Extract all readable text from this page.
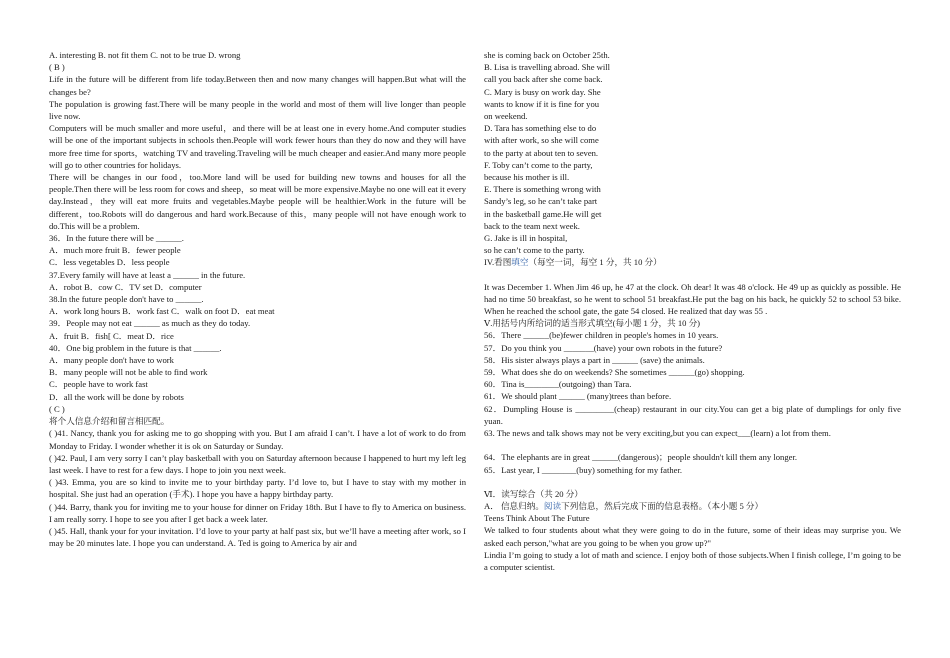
A. interesting B. not fit them C. not to be true D. wrong

( B )

Life in the future will be different from life today.Between then and now many changes will happen.But what will the changes be?

The population is growing fast.There will be many people in the world and most of them will live longer than people live now.

Computers will be much smaller and more useful，and there will be at least one in every home.And computer studies will be one of the important subjects in schools then.People will work fewer hours than they do now and they will have more free time for sports，watching TV and traveling.Traveling will be much cheaper and easier.And many more people will go to other countries for holidays.

There will be changes in our food，too.More land will be used for building new towns and houses for all the people.Then there will be less room for cows and sheep，so meat will be more expensive.Maybe no one will eat it every day.Instead，they will eat more fruits and vegetables.Maybe people will be healthier.Work in the future will be different，too.Robots will do dangerous and hard work.Because of this，many people will not have enough work to do.This will be a problem.

36．In the future there will be ______.

A．much more fruit B．fewer people

C．less vegetables D．less people

37.Every family will have at least a ______ in the future.

A．robot B．cow C．TV set D．computer

38.In the future people don't have to ______.

A．work long hours B．work fast C．walk on foot D．eat meat

39．People may not eat ______ as much as they do today.

A．fruit B．fish[ C．meat D．rice

40．One big problem in the future is that ______.

A．many people don't have to work

B．many people will not be able to find work

C．people have to work fast

D．all the work will be done by robots

( C )

将个人信息介绍和留言相匹配。

( )41. Nancy, thank you for asking me to go shopping with you. But I am afraid I can’t. I have a lot of work to do from Monday to Friday. I wonder whether it is ok on Saturday or Sunday.

( )42. Paul, I am very sorry I can’t play basketball with you on Saturday afternoon because I happened to hurt my left leg last week. I have to rest for a few days. I hope to join you next week.

( )43. Emma, you are so kind to invite me to your birthday party. I’d love to, but I have to stay with my mother in hospital. She just had an operation (手术). I hope you have a happy birthday party.

( )44. Barry, thank you for inviting me to your house for dinner on Friday 18th. But I have to fly to America on business. I am really sorry. I hope to see you after I get back a week later.

( )45. Hall, thank your for your invitation. I’d love to your party at half past six, but we’ll have a meeting after work, so I may be 20 minutes late. I hope you can understand. A. Ted is going to America by air and

she is coming back on October 25th.

B. Lisa is travelling abroad. She will

call you back after she come back.

C. Mary is busy on work day. She

wants to know if it is fine for you

on weekend.

D. Tara has something else to do

with after work, so she will come

to the party at about ten to seven.

F. Toby can’t come to the party,

because his mother is ill.

E. There is something wrong with

Sandy’s leg, so he can’t take part

in the basketball game.He will get

back to the team next week.

G. Jake is ill in hospital,

so he can’t come to the party.

IV.看图填空（每空一词，每空 1 分，共 10 分）

It was December 1. When Jim 46 up, he 47 at the clock. Oh dear! It was 48 o'clock. He 49 up as quickly as possible. He had no time 50 breakfast, so he went to school 51 breakfast.He put the bag on his back, he quickly 52 to school 53 bike. When he reached the school gate, the gate 54 closed. He realized that day was 55 .

Ⅴ.用括号内所给词的适当形式填空(每小题 1 分，共 10 分)

56．There ______(be)fewer children in people's homes in 10 years.

57．Do you think you _______(have) your own robots in the future?

58．His sister always plays a part in ______ (save) the animals.

59．What does she do on weekends? She sometimes ______(go) shopping.

60．Tina is________(outgoing) than Tara.

61．We should plant ______ (many)trees than before.

62．Dumpling House is _________(cheap) restaurant in our city.You can get a big plate of dumplings for only five yuan.

63. The news and talk shows may not be very exciting,but you can expect___(learn) a lot from them.

64．The elephants are in great ______(dangerous)；people shouldn't kill them any longer.

65．Last year, I ________(buy) something for my father.

Ⅵ．读写综合（共 20 分）

A． 信息归纳。阅读下列信息，然后完成下面的信息表格。（本小题 5 分）

Teens Think About The Future

We talked to four students about what they were going to do in the future, some of their ideas may surprise you. We asked each person,"what are you going to be when you grow up?"

Lindia I’m going to study a lot of math and science. I enjoy both of those subjects.When I finish college, I’m going to be a computer scientist.
